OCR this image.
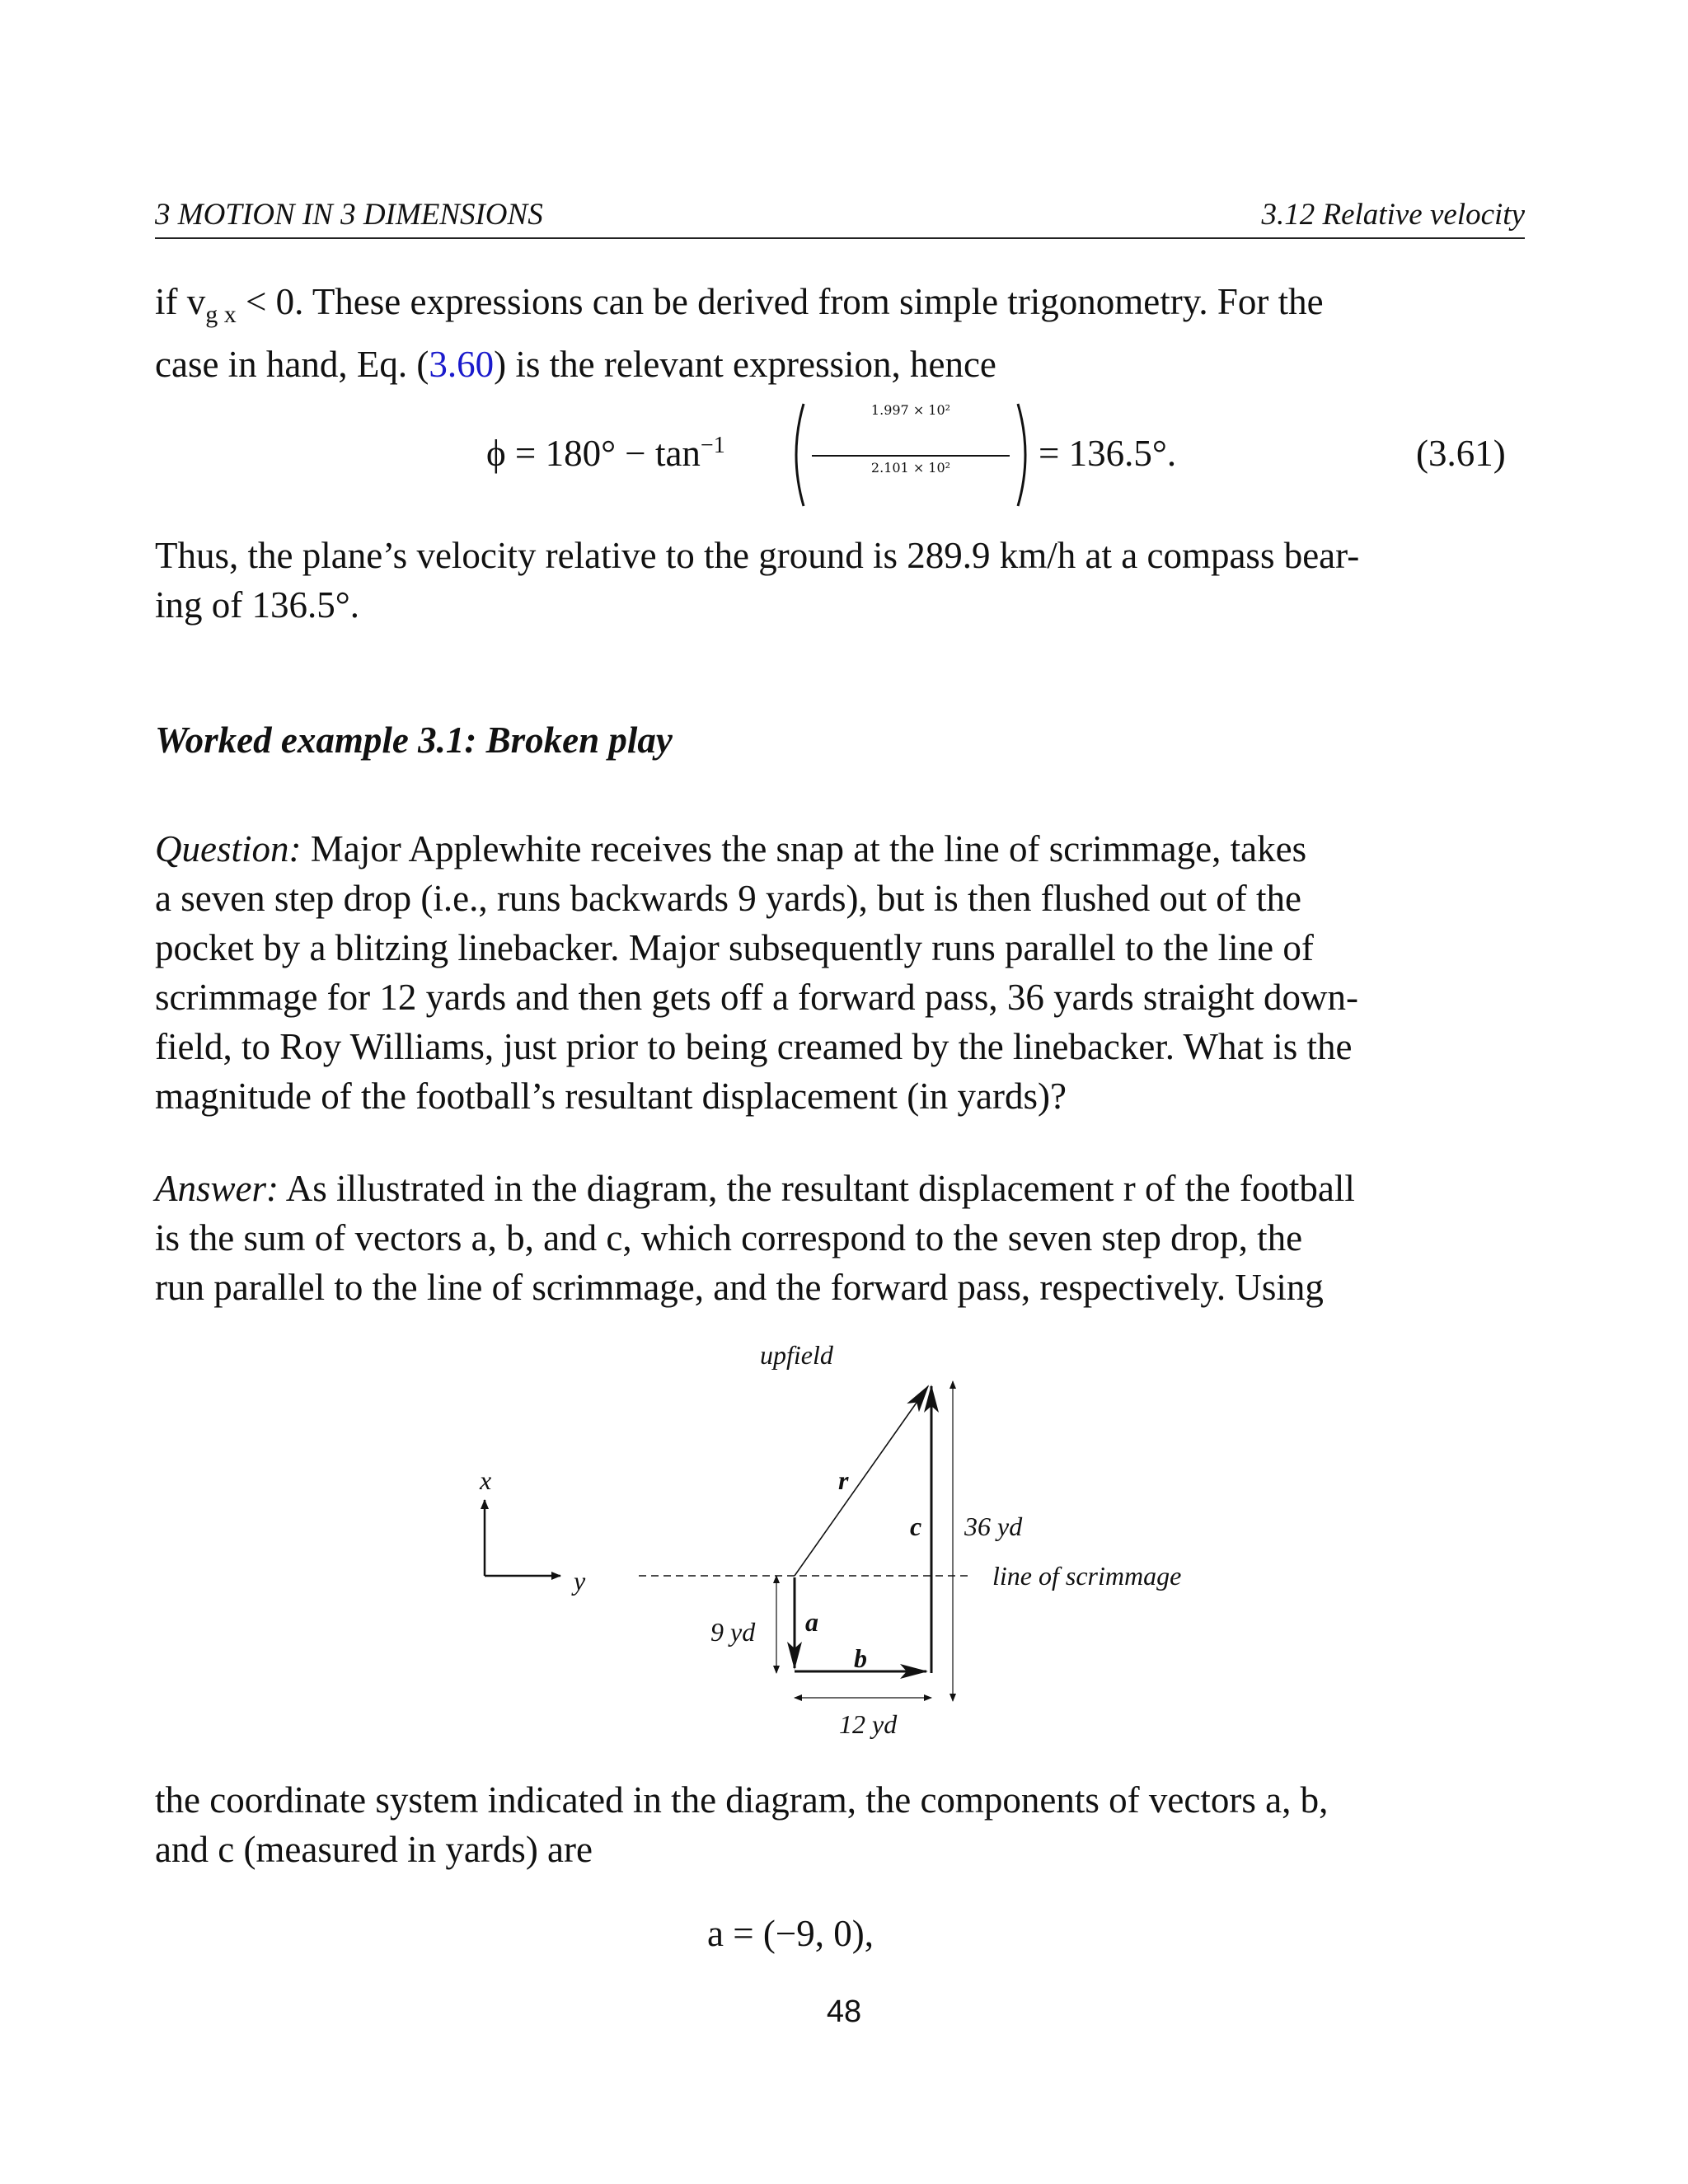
3 MOTION IN 3 DIMENSIONS	3.12 Relative velocity
if $v_{g x} < 0$. These expressions can be derived from simple trigonometry. For the
case in hand, Eq. (3.60) is the relevant expression, hence
$\phi = 180^\circ - \tan^{-1}$
1.997 × 10²
2.101 × 10²	= 136.5°.	(3.61)
Thus, the plane’s velocity relative to the ground is 289.9 km/h at a compass bear-
ing of 136.5°.
Worked example 3.1: Broken play
Question: Major Applewhite receives the snap at the line of scrimmage, takes
a seven step drop (i.e., runs backwards 9 yards), but is then flushed out of the
pocket by a blitzing linebacker. Major subsequently runs parallel to the line of
scrimmage for 12 yards and then gets off a forward pass, 36 yards straight down-
field, to Roy Williams, just prior to being creamed by the linebacker. What is the
magnitude of the football’s resultant displacement (in yards)?
Answer: As illustrated in the diagram, the resultant displacement r of the football
is the sum of vectors a, b, and c, which correspond to the seven step drop, the
run parallel to the line of scrimmage, and the forward pass, respectively. Using
upfield
x
y
r
c
a
b
36 yd
9 yd
12 yd
line of scrimmage
the coordinate system indicated in the diagram, the components of vectors a, b,
and c (measured in yards) are
a = (−9, 0),
48
